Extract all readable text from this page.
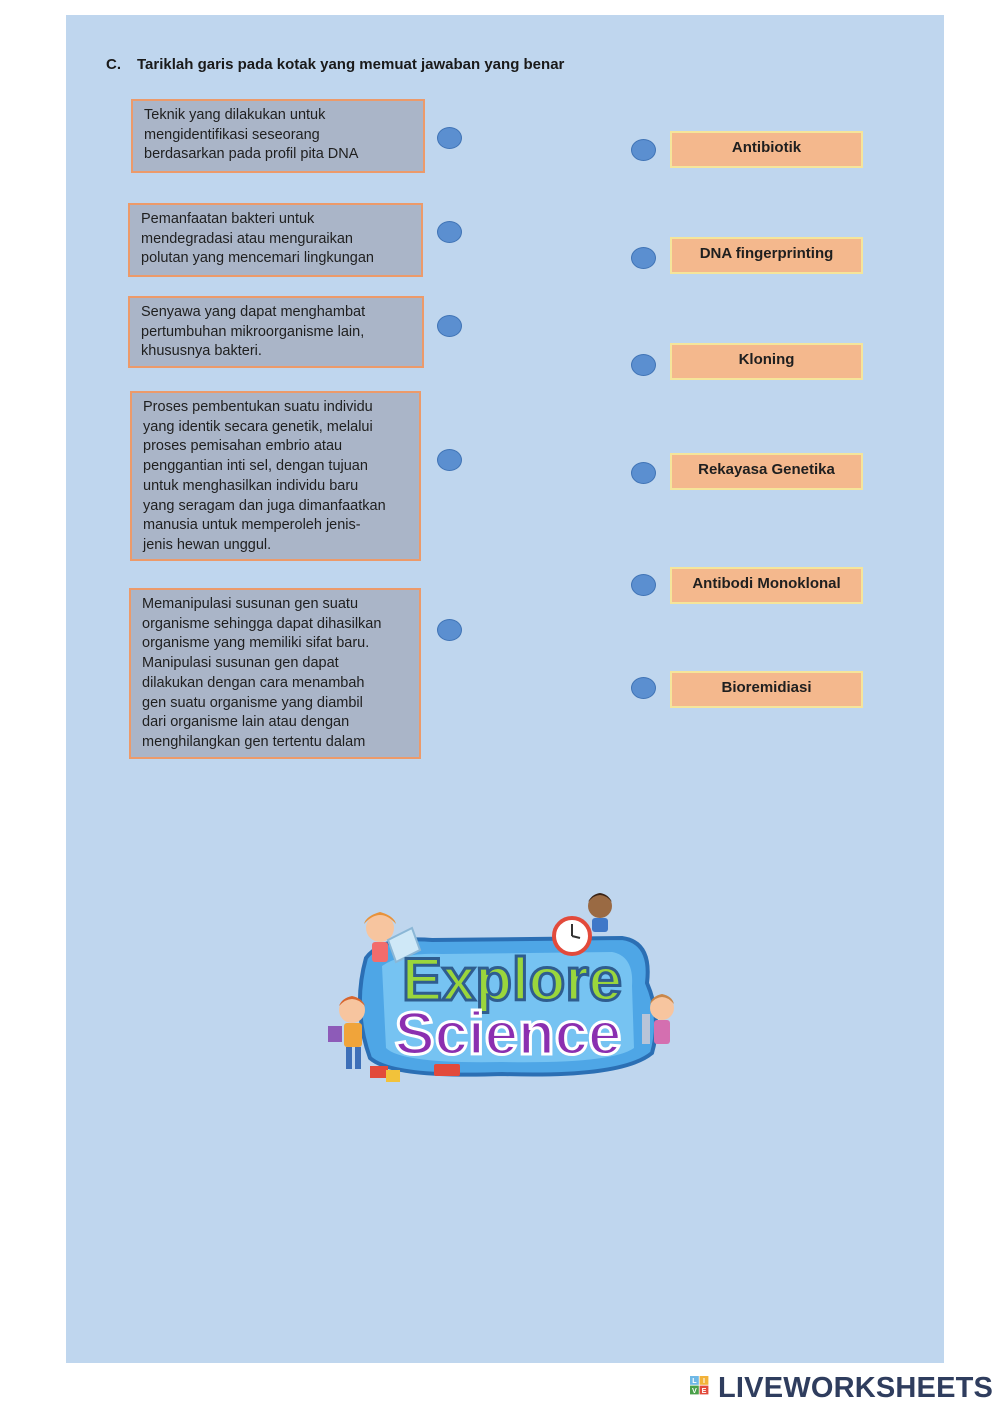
C. Tariklah garis pada kotak yang memuat jawaban yang benar
Teknik yang dilakukan untuk
mengidentifikasi seseorang
berdasarkan pada profil pita DNA
Pemanfaatan bakteri untuk
mendegradasi atau menguraikan
polutan yang mencemari lingkungan
Senyawa yang dapat menghambat
pertumbuhan mikroorganisme lain,
khususnya bakteri.
Proses pembentukan suatu individu
yang identik secara genetik, melalui
proses pemisahan embrio atau
penggantian inti sel, dengan tujuan
untuk menghasilkan individu baru
yang seragam dan juga dimanfaatkan
manusia untuk memperoleh jenis-
jenis hewan unggul.
Memanipulasi susunan gen suatu
organisme sehingga dapat dihasilkan
organisme yang memiliki sifat baru.
Manipulasi susunan gen dapat
dilakukan dengan cara menambah
gen suatu organisme yang diambil
dari organisme lain atau dengan
menghilangkan gen tertentu dalam
Antibiotik
DNA fingerprinting
Kloning
Rekayasa Genetika
Antibodi Monoklonal
Bioremidiasi
Explore
Science
L I
V E LIVEWORKSHEETS
